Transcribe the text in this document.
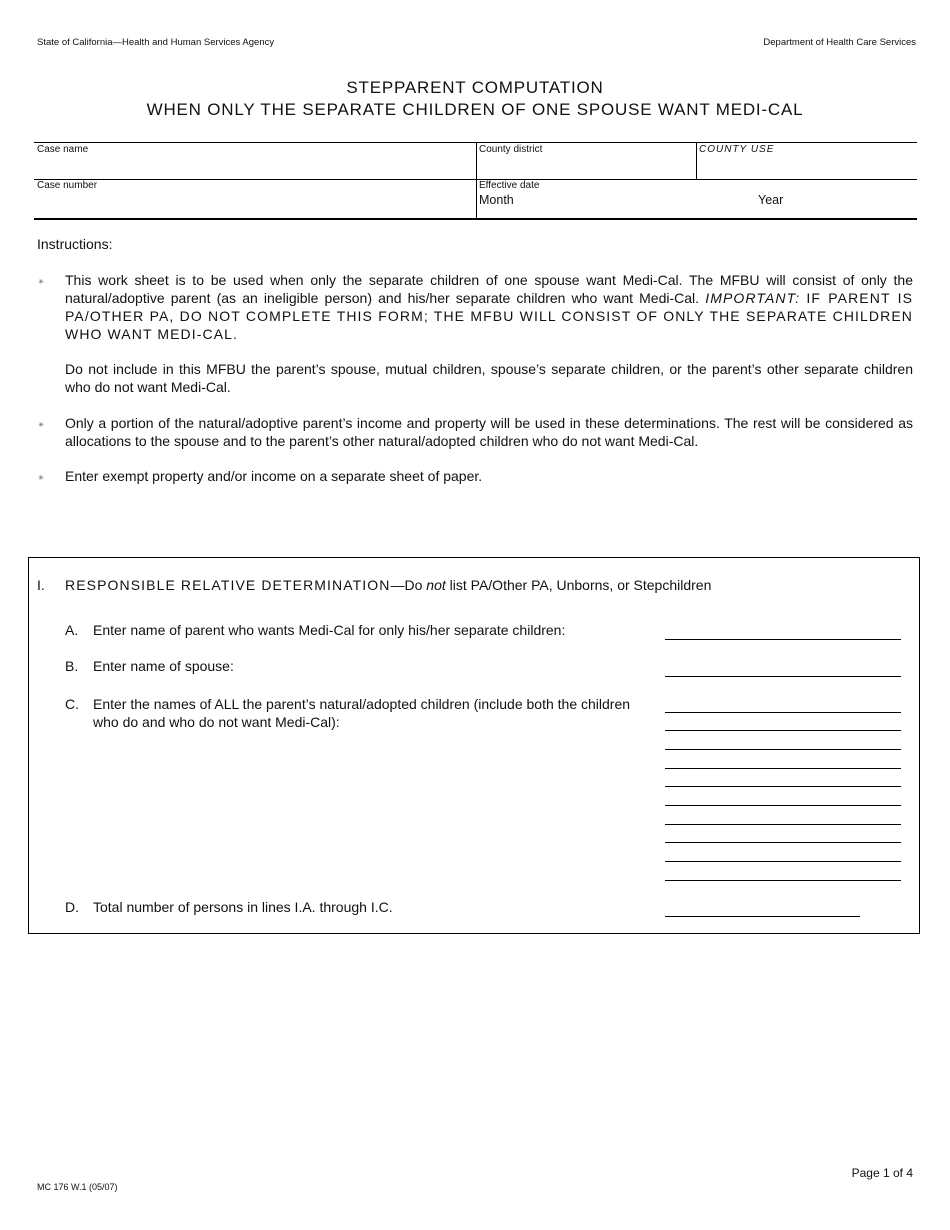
State of California—Health and Human Services Agency	Department of Health Care Services
STEPPARENT COMPUTATION
WHEN ONLY THE SEPARATE CHILDREN OF ONE SPOUSE WANT MEDI-CAL
Case name	County district	COUNTY USE
Case number	Effective date
Month	Year
Instructions:
✳ This work sheet is to be used when only the separate children of one spouse want Medi-Cal. The MFBU will consist of only the natural/adoptive parent (as an ineligible person) and his/her separate children who want Medi-Cal. IMPORTANT: IF PARENT IS PA/OTHER PA, DO NOT COMPLETE THIS FORM; THE MFBU WILL CONSIST OF ONLY THE SEPARATE CHILDREN WHO WANT MEDI-CAL.
Do not include in this MFBU the parent’s spouse, mutual children, spouse’s separate children, or the parent’s other separate children who do not want Medi-Cal.
✳ Only a portion of the natural/adoptive parent’s income and property will be used in these determinations. The rest will be considered as allocations to the spouse and to the parent’s other natural/adopted children who do not want Medi-Cal.
✳ Enter exempt property and/or income on a separate sheet of paper.
I. RESPONSIBLE RELATIVE DETERMINATION—Do not list PA/Other PA, Unborns, or Stepchildren
A. Enter name of parent who wants Medi-Cal for only his/her separate children:
B. Enter name of spouse:
C. Enter the names of ALL the parent’s natural/adopted children (include both the children who do and who do not want Medi-Cal):
D. Total number of persons in lines I.A. through I.C.
MC 176 W.1 (05/07)
Page 1 of 4
